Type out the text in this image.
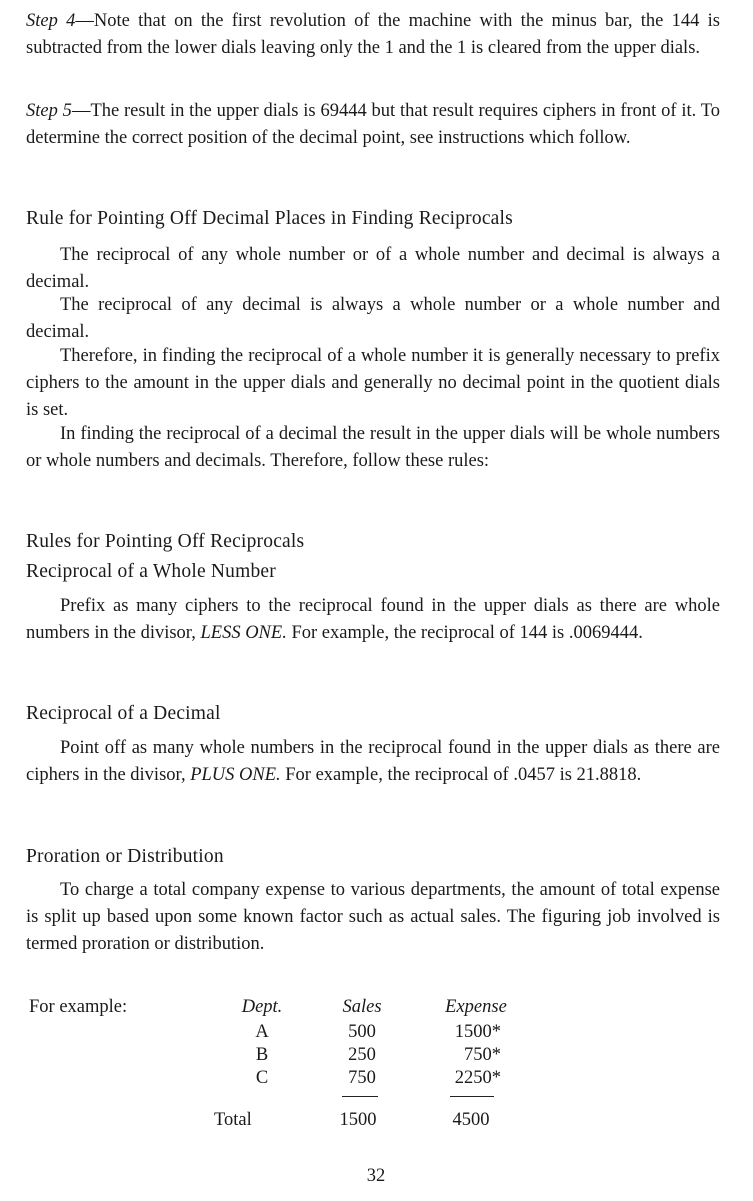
Step 4—Note that on the first revolution of the machine with the minus bar, the 144 is subtracted from the lower dials leaving only the 1 and the 1 is cleared from the upper dials.

Step 5—The result in the upper dials is 69444 but that result requires ciphers in front of it. To determine the correct position of the decimal point, see instructions which follow.

Rule for Pointing Off Decimal Places in Finding Reciprocals

The reciprocal of any whole number or of a whole number and decimal is always a decimal.

The reciprocal of any decimal is always a whole number or a whole number and decimal.

Therefore, in finding the reciprocal of a whole number it is generally necessary to prefix ciphers to the amount in the upper dials and generally no decimal point in the quotient dials is set.

In finding the reciprocal of a decimal the result in the upper dials will be whole numbers or whole numbers and decimals. Therefore, follow these rules:

Rules for Pointing Off Reciprocals
Reciprocal of a Whole Number

Prefix as many ciphers to the reciprocal found in the upper dials as there are whole numbers in the divisor, LESS ONE. For example, the reciprocal of 144 is .0069444.

Reciprocal of a Decimal

Point off as many whole numbers in the reciprocal found in the upper dials as there are ciphers in the divisor, PLUS ONE. For example, the reciprocal of .0457 is 21.8818.

Proration or Distribution

To charge a total company expense to various departments, the amount of total expense is split up based upon some known factor such as actual sales. The figuring job involved is termed proration or distribution.

For example:	Dept.	Sales	Expense
A	500	1500*
B	250	750*
C	750	2250*
Total	1500	4500
32
